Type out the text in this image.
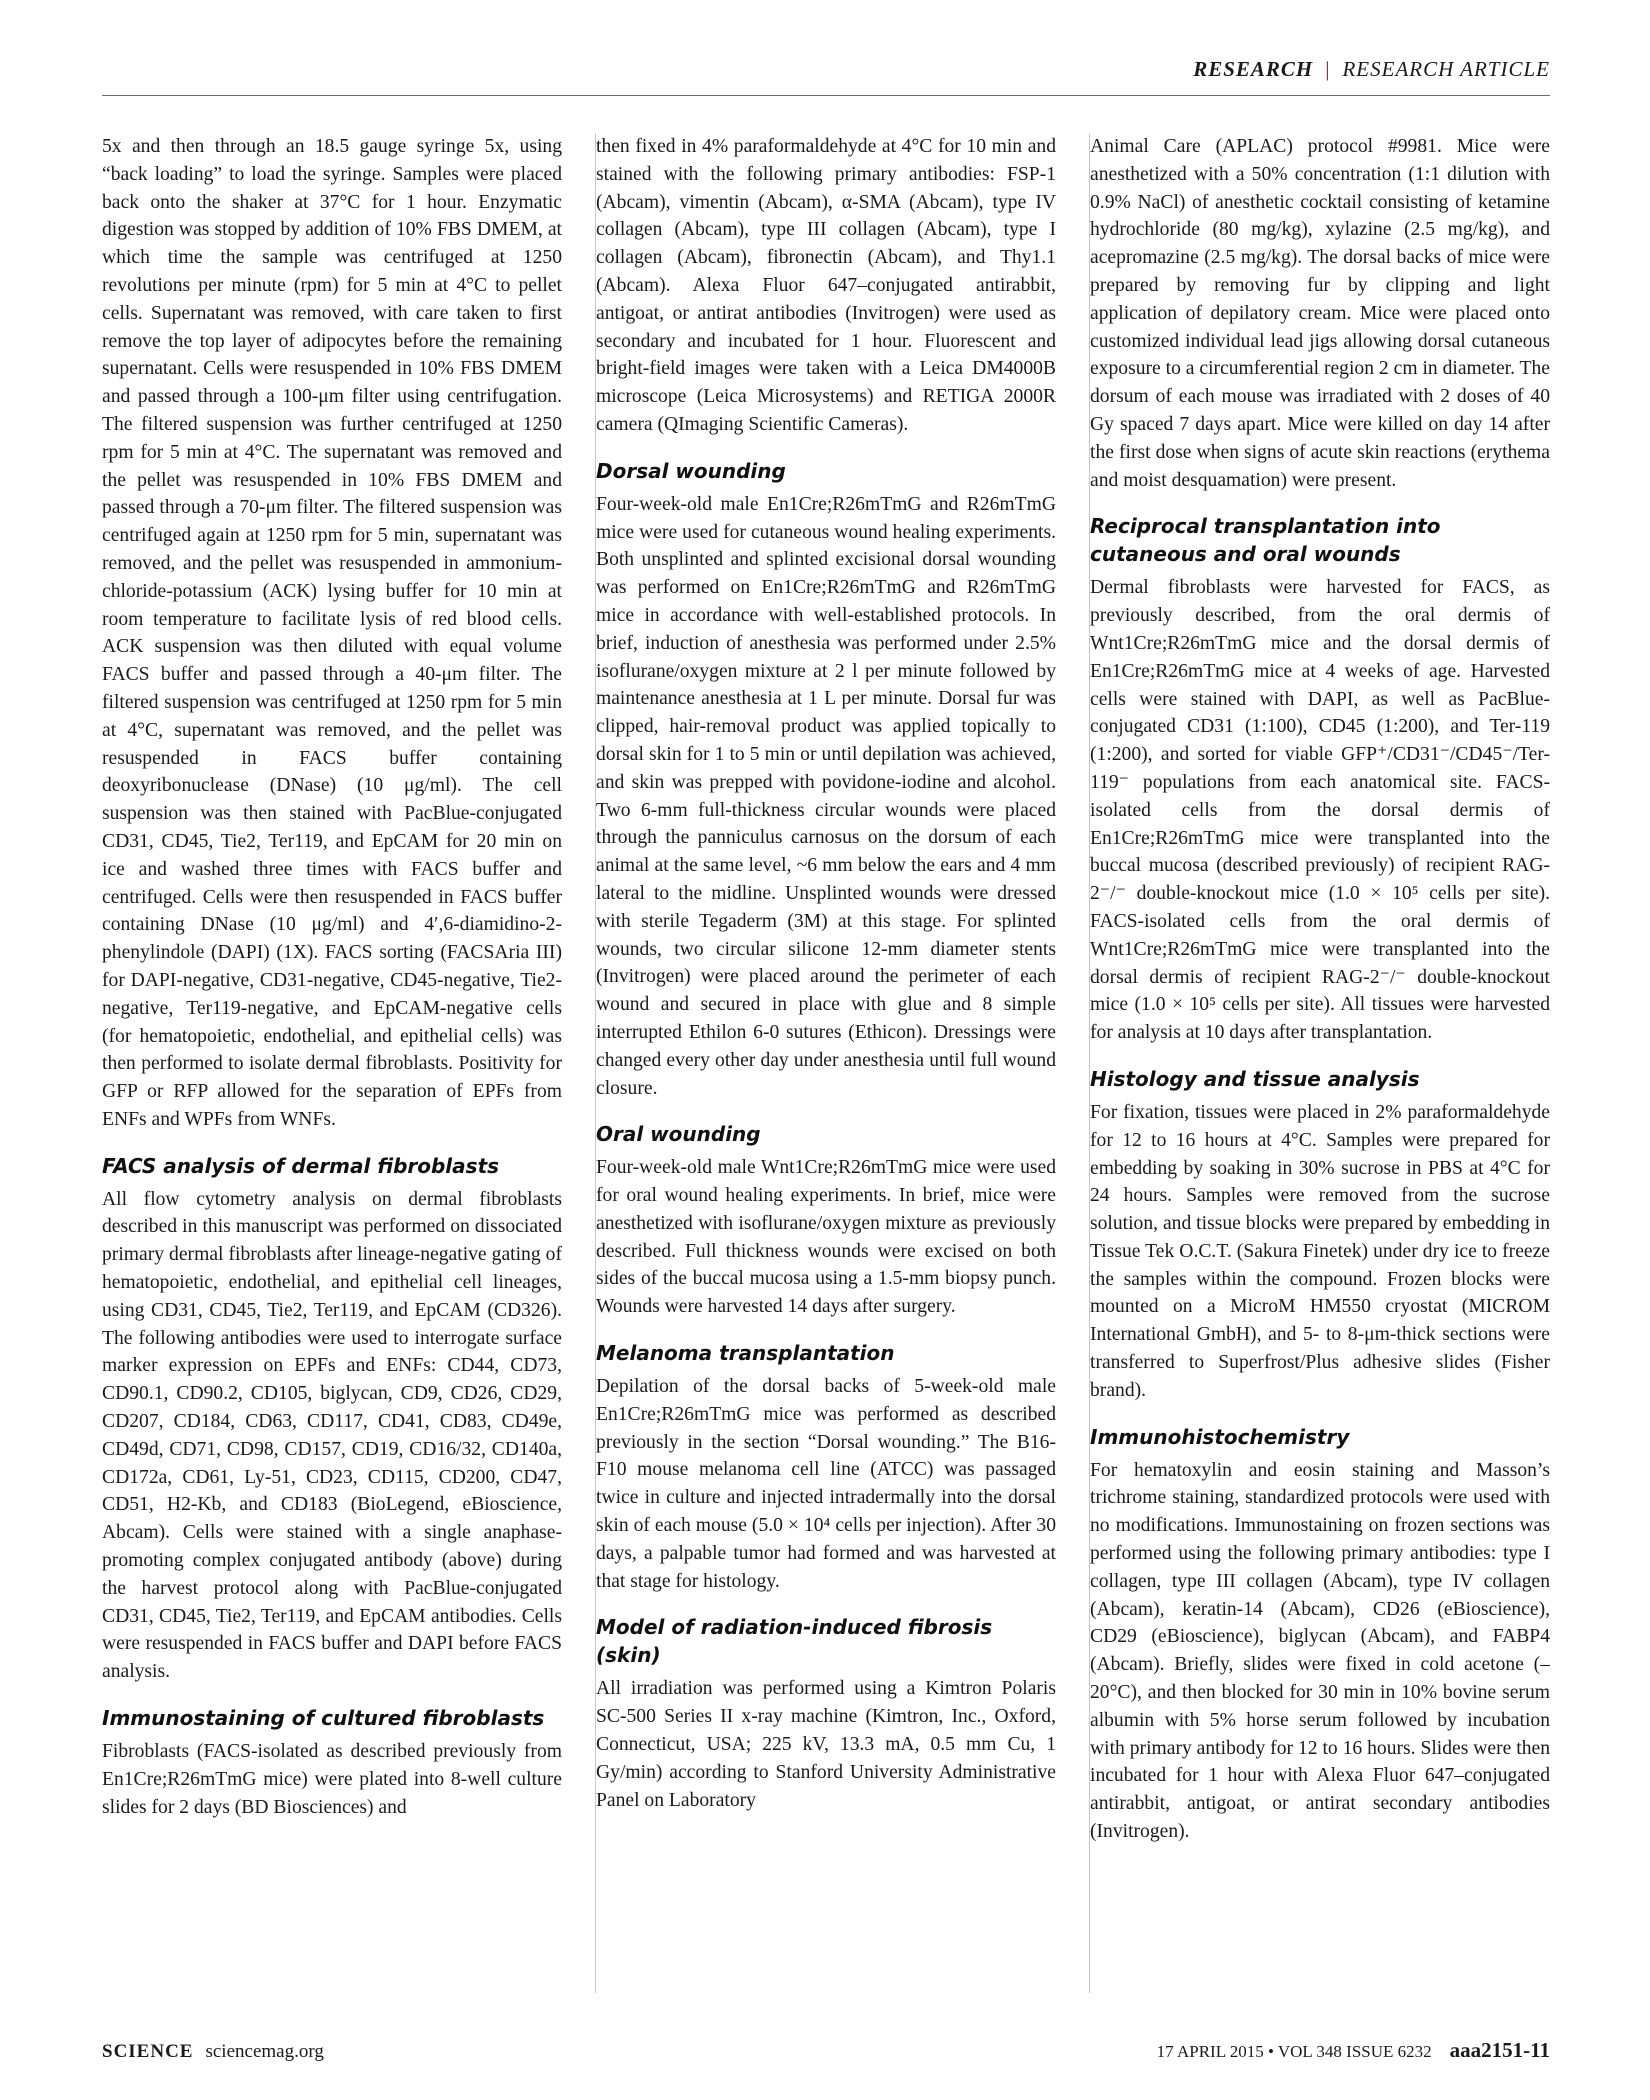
RESEARCH | RESEARCH ARTICLE

5x and then through an 18.5 gauge syringe 5x, using “back loading” to load the syringe. Samples were placed back onto the shaker at 37°C for 1 hour. Enzymatic digestion was stopped by addition of 10% FBS DMEM, at which time the sample was centrifuged at 1250 revolutions per minute (rpm) for 5 min at 4°C to pellet cells. Supernatant was removed, with care taken to first remove the top layer of adipocytes before the remaining supernatant. Cells were resuspended in 10% FBS DMEM and passed through a 100-μm filter using centrifugation. The filtered suspension was further centrifuged at 1250 rpm for 5 min at 4°C. The supernatant was removed and the pellet was resuspended in 10% FBS DMEM and passed through a 70-μm filter. The filtered suspension was centrifuged again at 1250 rpm for 5 min, supernatant was removed, and the pellet was resuspended in ammonium-chloride-potassium (ACK) lysing buffer for 10 min at room temperature to facilitate lysis of red blood cells. ACK suspension was then diluted with equal volume FACS buffer and passed through a 40-μm filter. The filtered suspension was centrifuged at 1250 rpm for 5 min at 4°C, supernatant was removed, and the pellet was resuspended in FACS buffer containing deoxyribonuclease (DNase) (10 μg/ml). The cell suspension was then stained with PacBlue-conjugated CD31, CD45, Tie2, Ter119, and EpCAM for 20 min on ice and washed three times with FACS buffer and centrifuged. Cells were then resuspended in FACS buffer containing DNase (10 μg/ml) and 4′,6-diamidino-2-phenylindole (DAPI) (1X). FACS sorting (FACSAria III) for DAPI-negative, CD31-negative, CD45-negative, Tie2-negative, Ter119-negative, and EpCAM-negative cells (for hematopoietic, endothelial, and epithelial cells) was then performed to isolate dermal fibroblasts. Positivity for GFP or RFP allowed for the separation of EPFs from ENFs and WPFs from WNFs.

FACS analysis of dermal fibroblasts

All flow cytometry analysis on dermal fibroblasts described in this manuscript was performed on dissociated primary dermal fibroblasts after lineage-negative gating of hematopoietic, endothelial, and epithelial cell lineages, using CD31, CD45, Tie2, Ter119, and EpCAM (CD326). The following antibodies were used to interrogate surface marker expression on EPFs and ENFs: CD44, CD73, CD90.1, CD90.2, CD105, biglycan, CD9, CD26, CD29, CD207, CD184, CD63, CD117, CD41, CD83, CD49e, CD49d, CD71, CD98, CD157, CD19, CD16/32, CD140a, CD172a, CD61, Ly-51, CD23, CD115, CD200, CD47, CD51, H2-Kb, and CD183 (BioLegend, eBioscience, Abcam). Cells were stained with a single anaphase-promoting complex conjugated antibody (above) during the harvest protocol along with PacBlue-conjugated CD31, CD45, Tie2, Ter119, and EpCAM antibodies. Cells were resuspended in FACS buffer and DAPI before FACS analysis.

Immunostaining of cultured fibroblasts

Fibroblasts (FACS-isolated as described previously from En1Cre;R26mTmG mice) were plated into 8-well culture slides for 2 days (BD Biosciences) and

then fixed in 4% paraformaldehyde at 4°C for 10 min and stained with the following primary antibodies: FSP-1 (Abcam), vimentin (Abcam), α-SMA (Abcam), type IV collagen (Abcam), type III collagen (Abcam), type I collagen (Abcam), fibronectin (Abcam), and Thy1.1 (Abcam). Alexa Fluor 647–conjugated antirabbit, antigoat, or antirat antibodies (Invitrogen) were used as secondary and incubated for 1 hour. Fluorescent and bright-field images were taken with a Leica DM4000B microscope (Leica Microsystems) and RETIGA 2000R camera (QImaging Scientific Cameras).

Dorsal wounding

Four-week-old male En1Cre;R26mTmG and R26mTmG mice were used for cutaneous wound healing experiments. Both unsplinted and splinted excisional dorsal wounding was performed on En1Cre;R26mTmG and R26mTmG mice in accordance with well-established protocols. In brief, induction of anesthesia was performed under 2.5% isoflurane/oxygen mixture at 2 l per minute followed by maintenance anesthesia at 1 L per minute. Dorsal fur was clipped, hair-removal product was applied topically to dorsal skin for 1 to 5 min or until depilation was achieved, and skin was prepped with povidone-iodine and alcohol. Two 6-mm full-thickness circular wounds were placed through the panniculus carnosus on the dorsum of each animal at the same level, ~6 mm below the ears and 4 mm lateral to the midline. Unsplinted wounds were dressed with sterile Tegaderm (3M) at this stage. For splinted wounds, two circular silicone 12-mm diameter stents (Invitrogen) were placed around the perimeter of each wound and secured in place with glue and 8 simple interrupted Ethilon 6-0 sutures (Ethicon). Dressings were changed every other day under anesthesia until full wound closure.

Oral wounding

Four-week-old male Wnt1Cre;R26mTmG mice were used for oral wound healing experiments. In brief, mice were anesthetized with isoflurane/oxygen mixture as previously described. Full thickness wounds were excised on both sides of the buccal mucosa using a 1.5-mm biopsy punch. Wounds were harvested 14 days after surgery.

Melanoma transplantation

Depilation of the dorsal backs of 5-week-old male En1Cre;R26mTmG mice was performed as described previously in the section “Dorsal wounding.” The B16-F10 mouse melanoma cell line (ATCC) was passaged twice in culture and injected intradermally into the dorsal skin of each mouse (5.0 × 10⁴ cells per injection). After 30 days, a palpable tumor had formed and was harvested at that stage for histology.

Model of radiation-induced fibrosis (skin)

All irradiation was performed using a Kimtron Polaris SC-500 Series II x-ray machine (Kimtron, Inc., Oxford, Connecticut, USA; 225 kV, 13.3 mA, 0.5 mm Cu, 1 Gy/min) according to Stanford University Administrative Panel on Laboratory

Animal Care (APLAC) protocol #9981. Mice were anesthetized with a 50% concentration (1:1 dilution with 0.9% NaCl) of anesthetic cocktail consisting of ketamine hydrochloride (80 mg/kg), xylazine (2.5 mg/kg), and acepromazine (2.5 mg/kg). The dorsal backs of mice were prepared by removing fur by clipping and light application of depilatory cream. Mice were placed onto customized individual lead jigs allowing dorsal cutaneous exposure to a circumferential region 2 cm in diameter. The dorsum of each mouse was irradiated with 2 doses of 40 Gy spaced 7 days apart. Mice were killed on day 14 after the first dose when signs of acute skin reactions (erythema and moist desquamation) were present.

Reciprocal transplantation into cutaneous and oral wounds

Dermal fibroblasts were harvested for FACS, as previously described, from the oral dermis of Wnt1Cre;R26mTmG mice and the dorsal dermis of En1Cre;R26mTmG mice at 4 weeks of age. Harvested cells were stained with DAPI, as well as PacBlue-conjugated CD31 (1:100), CD45 (1:200), and Ter-119 (1:200), and sorted for viable GFP⁺/CD31⁻/CD45⁻/Ter-119⁻ populations from each anatomical site. FACS-isolated cells from the dorsal dermis of En1Cre;R26mTmG mice were transplanted into the buccal mucosa (described previously) of recipient RAG-2⁻/⁻ double-knockout mice (1.0 × 10⁵ cells per site). FACS-isolated cells from the oral dermis of Wnt1Cre;R26mTmG mice were transplanted into the dorsal dermis of recipient RAG-2⁻/⁻ double-knockout mice (1.0 × 10⁵ cells per site). All tissues were harvested for analysis at 10 days after transplantation.

Histology and tissue analysis

For fixation, tissues were placed in 2% paraformaldehyde for 12 to 16 hours at 4°C. Samples were prepared for embedding by soaking in 30% sucrose in PBS at 4°C for 24 hours. Samples were removed from the sucrose solution, and tissue blocks were prepared by embedding in Tissue Tek O.C.T. (Sakura Finetek) under dry ice to freeze the samples within the compound. Frozen blocks were mounted on a MicroM HM550 cryostat (MICROM International GmbH), and 5- to 8-μm-thick sections were transferred to Superfrost/Plus adhesive slides (Fisher brand).

Immunohistochemistry

For hematoxylin and eosin staining and Masson’s trichrome staining, standardized protocols were used with no modifications. Immunostaining on frozen sections was performed using the following primary antibodies: type I collagen, type III collagen (Abcam), type IV collagen (Abcam), keratin-14 (Abcam), CD26 (eBioscience), CD29 (eBioscience), biglycan (Abcam), and FABP4 (Abcam). Briefly, slides were fixed in cold acetone (–20°C), and then blocked for 30 min in 10% bovine serum albumin with 5% horse serum followed by incubation with primary antibody for 12 to 16 hours. Slides were then incubated for 1 hour with Alexa Fluor 647–conjugated antirabbit, antigoat, or antirat secondary antibodies (Invitrogen).

SCIENCE sciencemag.org	17 APRIL 2015 • VOL 348 ISSUE 6232 aaa2151-11
